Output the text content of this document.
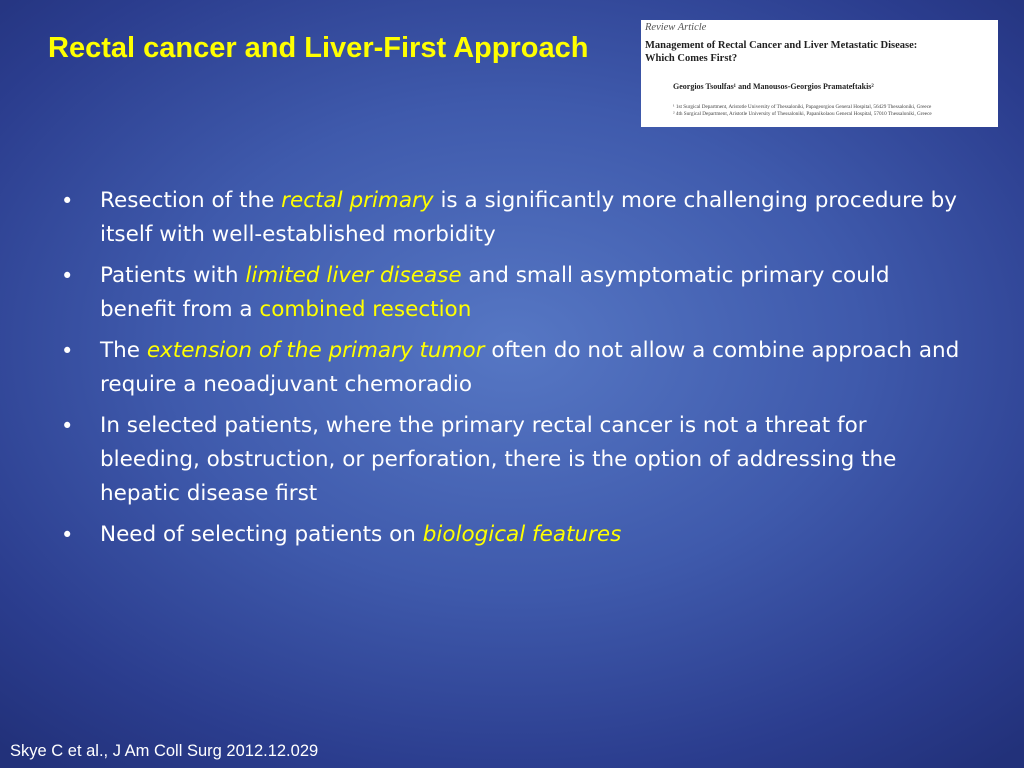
Rectal cancer and Liver-First Approach
Review Article
Management of Rectal Cancer and Liver Metastatic Disease:
Which Comes First?
Georgios Tsoulfas¹ and Manousos-Georgios Pramateftakis²
¹ 1st Surgical Department, Aristotle University of Thessaloniki, Papageorgiou General Hospital, 56429 Thessaloniki, Greece
² 4th Surgical Department, Aristotle University of Thessaloniki, Papanikolaou General Hospital, 57010 Thessaloniki, Greece
• Resection of the rectal primary is a significantly more challenging procedure by itself with well-established morbidity
• Patients with limited liver disease and small asymptomatic primary could benefit from a combined resection
• The extension of the primary tumor often do not allow a combine approach and require a neoadjuvant chemoradio
• In selected patients, where the primary rectal cancer is not a threat for bleeding, obstruction, or perforation, there is the option of addressing the hepatic disease first
• Need of selecting patients on biological features
Skye C et al., J Am Coll Surg 2012.12.029
